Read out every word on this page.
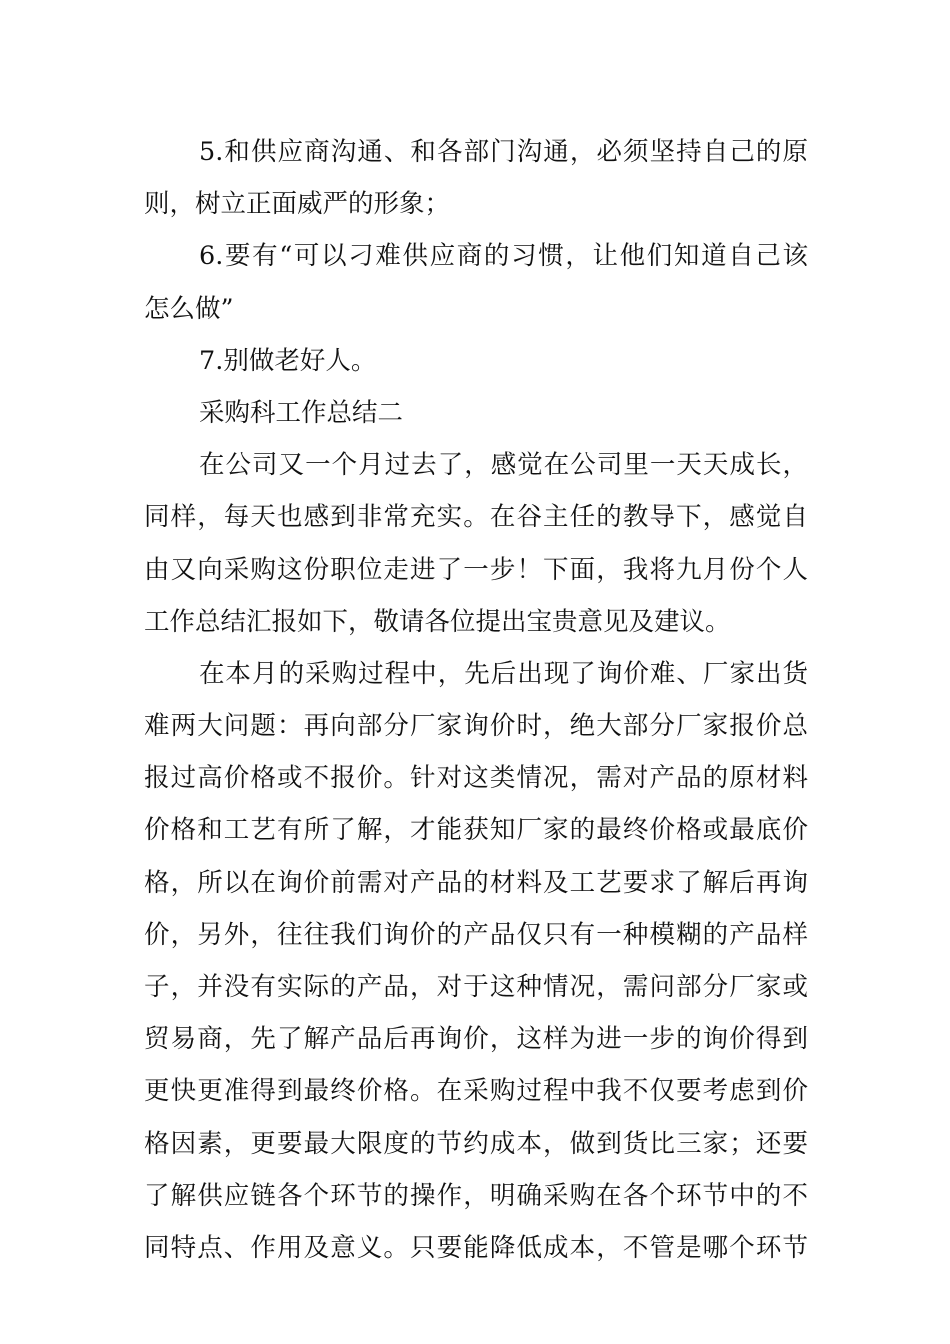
5.和供应商沟通、和各部门沟通，必须坚持自己的原
则，树立正面威严的形象；
6.要有“可以刁难供应商的习惯，让他们知道自己该
怎么做”
7.别做老好人。
采购科工作总结二
在公司又一个月过去了，感觉在公司里一天天成长，
同样，每天也感到非常充实。在谷主任的教导下，感觉自
由又向采购这份职位走进了一步！下面，我将九月份个人
工作总结汇报如下，敬请各位提出宝贵意见及建议。
在本月的采购过程中，先后出现了询价难、厂家出货
难两大问题：再向部分厂家询价时，绝大部分厂家报价总
报过高价格或不报价。针对这类情况，需对产品的原材料
价格和工艺有所了解，才能获知厂家的最终价格或最底价
格，所以在询价前需对产品的材料及工艺要求了解后再询
价，另外，往往我们询价的产品仅只有一种模糊的产品样
子，并没有实际的产品，对于这种情况，需问部分厂家或
贸易商，先了解产品后再询价，这样为进一步的询价得到
更快更准得到最终价格。在采购过程中我不仅要考虑到价
格因素，更要最大限度的节约成本，做到货比三家；还要
了解供应链各个环节的操作，明确采购在各个环节中的不
同特点、作用及意义。只要能降低成本，不管是哪个环节
